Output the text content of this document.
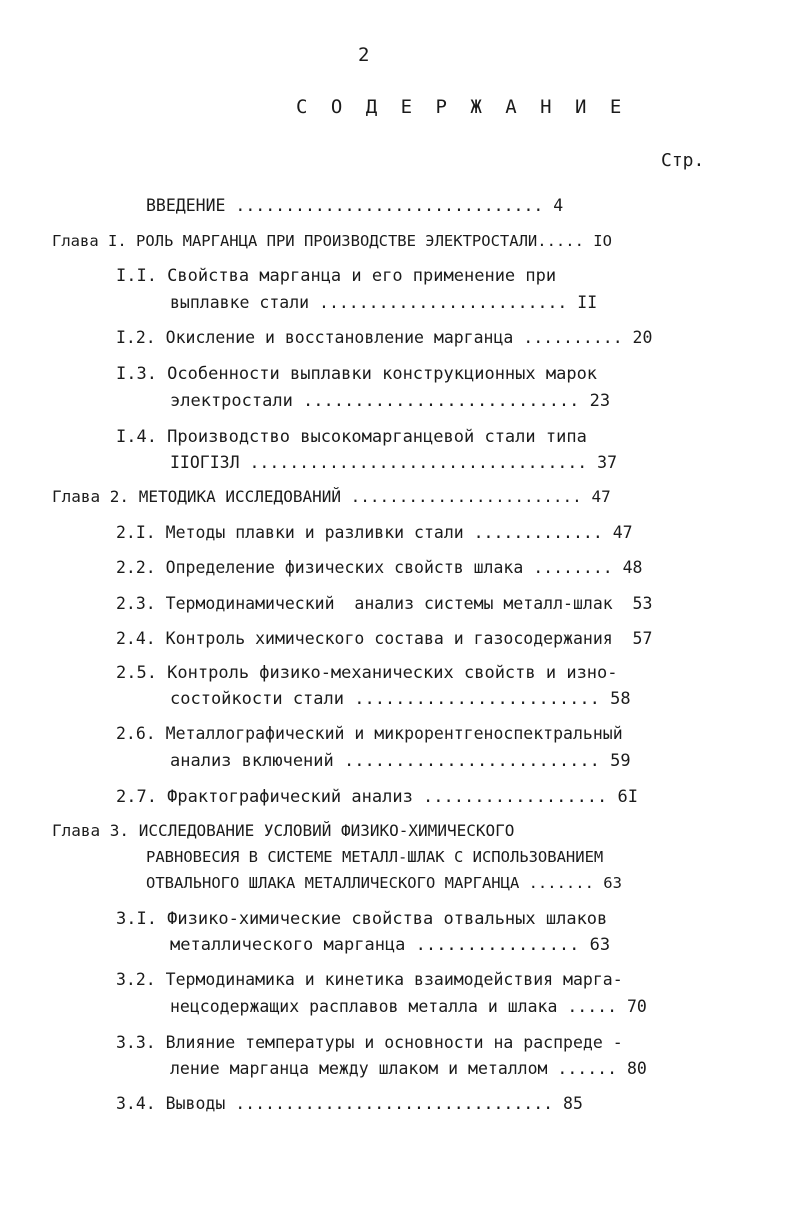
2
С О Д Е Р Ж А Н И Е
Стр.
ВВЕДЕНИЕ ............................... 4
Глава I. РОЛЬ МАРГАНЦА ПРИ ПРОИЗВОДСТВЕ ЭЛЕКТРОСТАЛИ..... IO
I.I. Свойства марганца и его применение при
выплавке стали ......................... II
I.2. Окисление и восстановление марганца .......... 20
I.3. Особенности выплавки конструкционных марок
электростали ........................... 23
I.4. Производство высокомарганцевой стали типа
IIOГI3Л .................................. 37
Глава 2. МЕТОДИКА ИССЛЕДОВАНИЙ ........................ 47
2.I. Методы плавки и разливки стали ............. 47
2.2. Определение физических свойств шлака ........ 48
2.3. Термодинамический  анализ системы металл-шлак  53
2.4. Контроль химического состава и газосодержания  57
2.5. Контроль физико-механических свойств и изно-
состойкости стали ........................ 58
2.6. Металлографический и микрорентгеноспектральный
анализ включений ......................... 59
2.7. Фрактографический анализ .................. 6I
Глава 3. ИССЛЕДОВАНИЕ УСЛОВИЙ ФИЗИКО-ХИМИЧЕСКОГО
РАВНОВЕСИЯ В СИСТЕМЕ МЕТАЛЛ-ШЛАК С ИСПОЛЬЗОВАНИЕМ
ОТВАЛЬНОГО ШЛАКА МЕТАЛЛИЧЕСКОГО МАРГАНЦА ....... 63
3.I. Физико-химические свойства отвальных шлаков
металлического марганца ................ 63
3.2. Термодинамика и кинетика взаимодействия марга-
нецсодержащих расплавов металла и шлака ..... 70
3.3. Влияние температуры и основности на распреде -
ление марганца между шлаком и металлом ...... 80
3.4. Выводы ................................ 85
